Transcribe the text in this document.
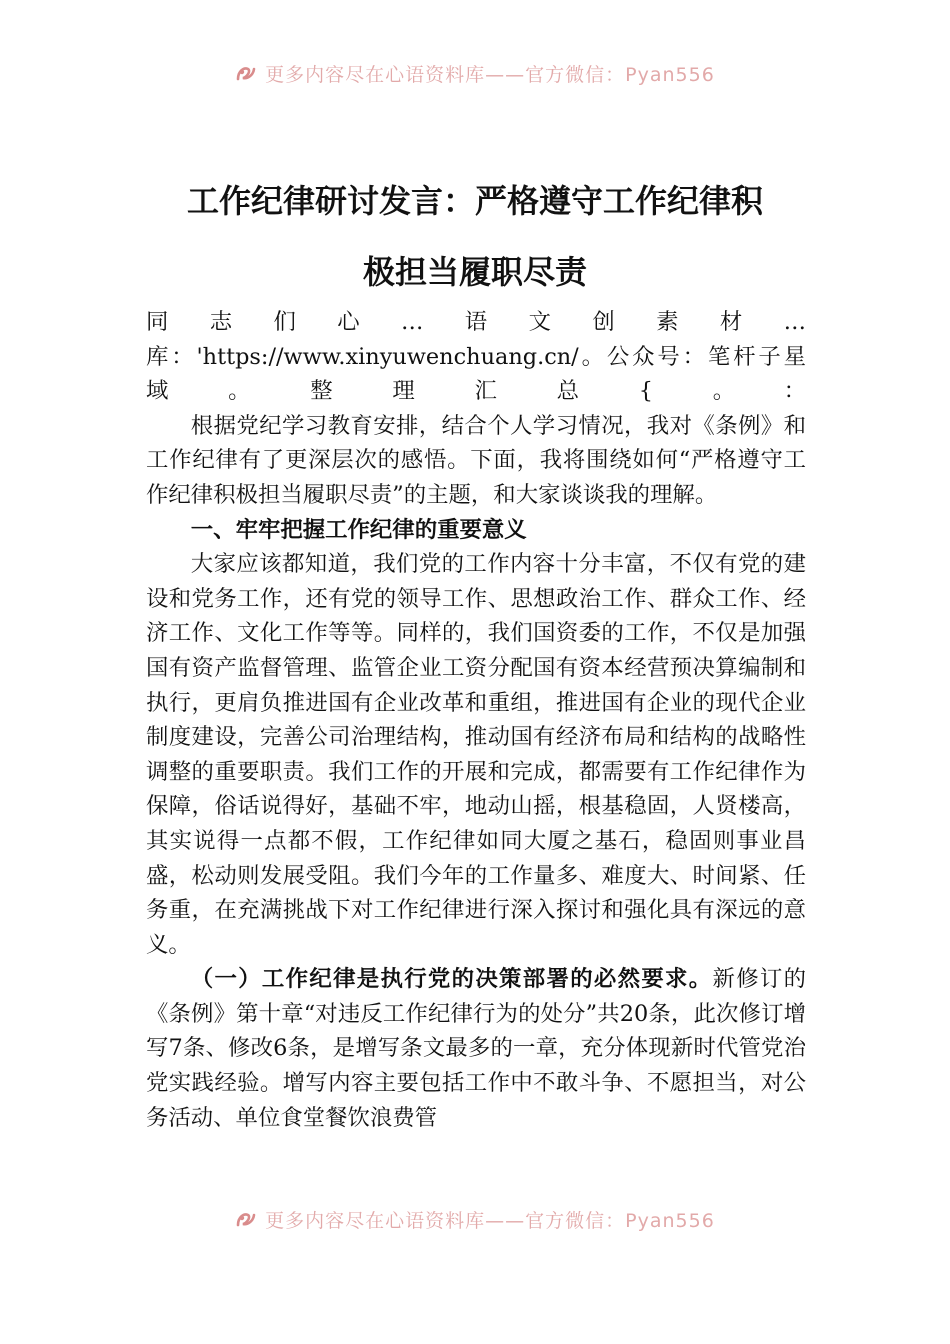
更多内容尽在心语资料库——官方微信：Pyan556
工作纪律研讨发言：严格遵守工作纪律积
极担当履职尽责

同志们心…语文创素材…库：'https://www.xinyuwenchuang.cn/。公众号：笔杆子星域。整理汇总{。：

根据党纪学习教育安排，结合个人学习情况，我对《条例》和工作纪律有了更深层次的感悟。下面，我将围绕如何“严格遵守工作纪律积极担当履职尽责”的主题，和大家谈谈我的理解。

一、牢牢把握工作纪律的重要意义

大家应该都知道，我们党的工作内容十分丰富，不仅有党的建设和党务工作，还有党的领导工作、思想政治工作、群众工作、经济工作、文化工作等等。同样的，我们国资委的工作，不仅是加强国有资产监督管理、监管企业工资分配国有资本经营预决算编制和执行，更肩负推进国有企业改革和重组，推进国有企业的现代企业制度建设，完善公司治理结构，推动国有经济布局和结构的战略性调整的重要职责。我们工作的开展和完成，都需要有工作纪律作为保障，俗话说得好，基础不牢，地动山摇，根基稳固，人贤楼高，其实说得一点都不假，工作纪律如同大厦之基石，稳固则事业昌盛，松动则发展受阻。我们今年的工作量多、难度大、时间紧、任务重，在充满挑战下对工作纪律进行深入探讨和强化具有深远的意义。

（一）工作纪律是执行党的决策部署的必然要求。新修订的《条例》第十章“对违反工作纪律行为的处分”共20条，此次修订增写7条、修改6条，是增写条文最多的一章，充分体现新时代管党治党实践经验。增写内容主要包括工作中不敢斗争、不愿担当，对公务活动、单位食堂餐饮浪费管

更多内容尽在心语资料库——官方微信：Pyan556
